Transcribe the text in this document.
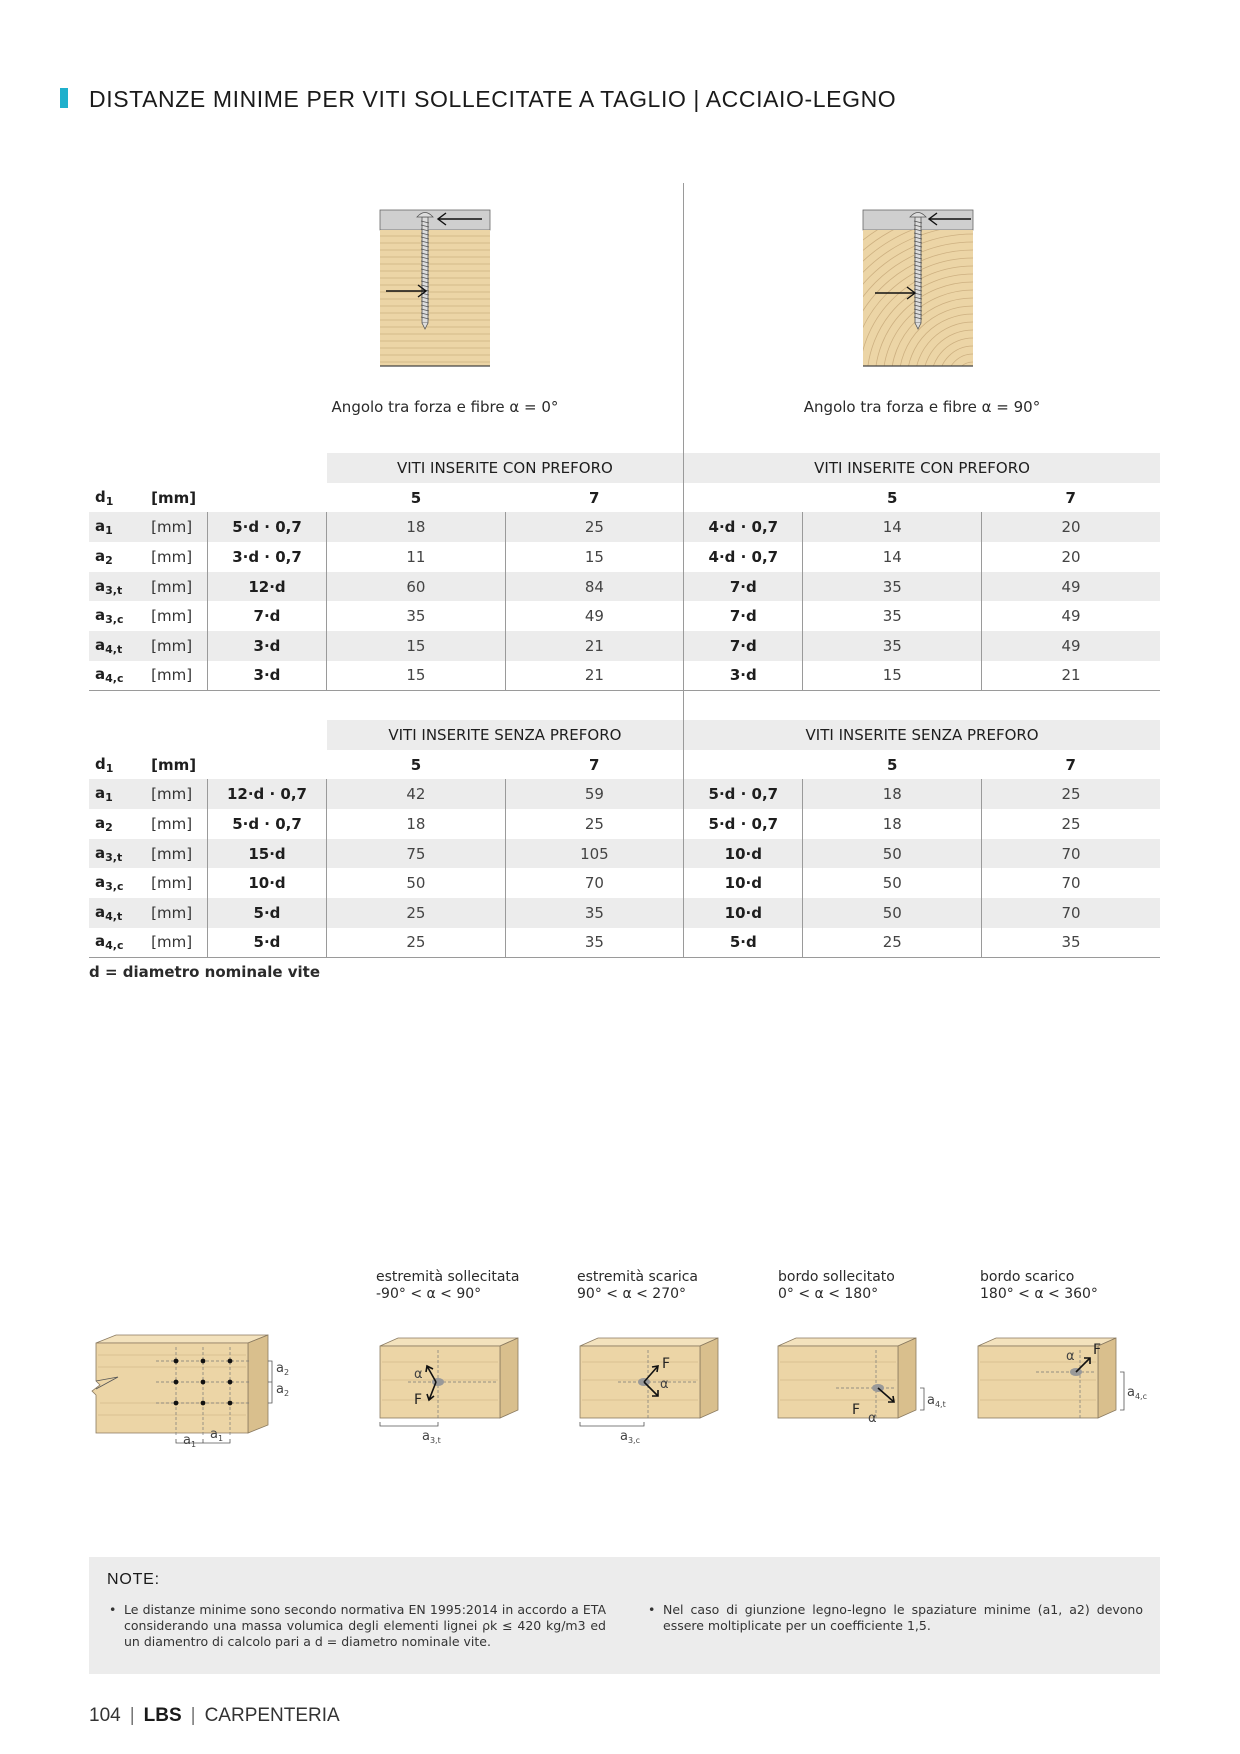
DISTANZE MINIME PER VITI SOLLECITATE A TAGLIO | ACCIAIO-LEGNO
Angolo tra forza e fibre α = 0°	Angolo tra forza e fibre α = 90°
			VITI INSERITE CON PREFORO		VITI INSERITE CON PREFORO		
$d_1$	[mm]		5	7		5	7
$a_1$	[mm]	5·d · 0,7	18	25	4·d · 0,7	14	20
$a_2$	[mm]	3·d · 0,7	11	15	4·d · 0,7	14	20
$a_{3,t}$	[mm]	12·d	60	84	7·d	35	49
$a_{3,c}$	[mm]	7·d	35	49	7·d	35	49
$a_{4,t}$	[mm]	3·d	15	21	7·d	35	49
$a_{4,c}$	[mm]	3·d	15	21	3·d	15	21
			VITI INSERITE SENZA PREFORO		VITI INSERITE SENZA PREFORO		
$d_1$	[mm]		5	7		5	7
$a_1$	[mm]	12·d · 0,7	42	59	5·d · 0,7	18	25
$a_2$	[mm]	5·d · 0,7	18	25	5·d · 0,7	18	25
$a_{3,t}$	[mm]	15·d	75	105	10·d	50	70
$a_{3,c}$	[mm]	10·d	50	70	10·d	50	70
$a_{4,t}$	[mm]	5·d	25	35	10·d	50	70
$a_{4,c}$	[mm]	5·d	25	35	5·d	25	35
d = diametro nominale vite
estremità sollecitata
-90° < α < 90°
estremità scarica
90° < α < 270°
bordo sollecitato
0° < α < 180°
bordo scarico
180° < α < 360°
$a_2$
$a_2$
$a_1$
$a_1$
α
F
$a_{3,t}$
F
α
$a_{3,c}$
F
α
$a_{4,t}$
F
α
$a_{4,c}$
NOTE:
• Le distanze minime sono secondo normativa EN 1995:2014 in accordo a ETA considerando una massa volumica degli elementi lignei ρk ≤ 420 kg/m3 ed un diamentro di calcolo pari a d = diametro nominale vite.

• Nel caso di giunzione legno-legno le spaziature minime (a1, a2) devono essere moltiplicate per un coefficiente 1,5.

104 | LBS | CARPENTERIA
